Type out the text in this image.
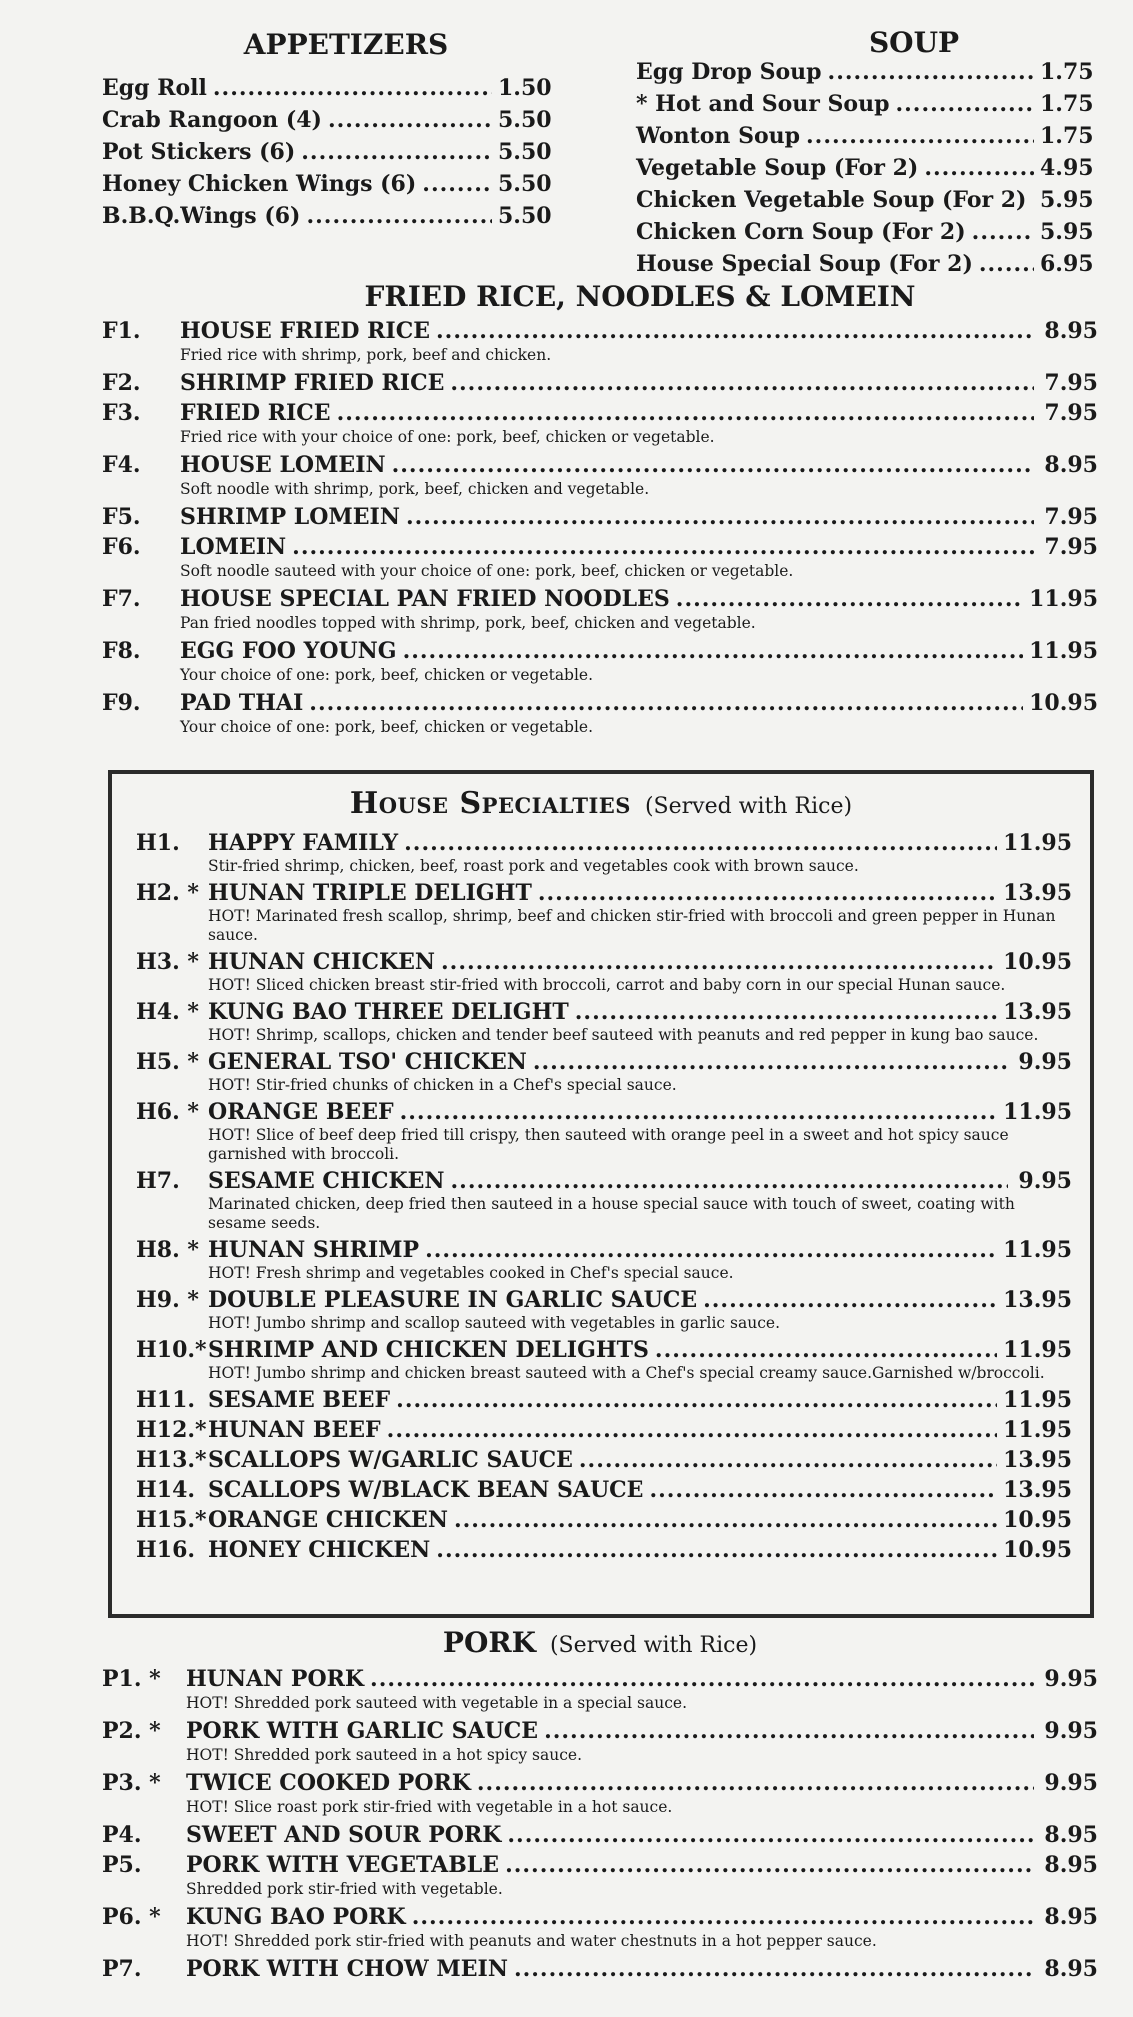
APPETIZERS
Egg Roll .....	1.50
Crab Rangoon (4) .....	5.50
Pot Stickers (6) .....	5.50
Honey Chicken Wings (6) .....	5.50
B.B.Q.Wings (6) .....	5.50
SOUP
Egg Drop Soup .....	1.75
* Hot and Sour Soup .....	1.75
Wonton Soup .....	1.75
Vegetable Soup (For 2) .....	4.95
Chicken Vegetable Soup (For 2) ..... 5.95
Chicken Corn Soup (For 2) .....	5.95
House Special Soup (For 2) .....	6.95
FRIED RICE, NOODLES & LOMEIN
F1. HOUSE FRIED RICE .....	8.95
Fried rice with shrimp, pork, beef and chicken.
F2. SHRIMP FRIED RICE .....	7.95
F3. FRIED RICE .....	7.95
Fried rice with your choice of one: pork, beef, chicken or vegetable.
F4. HOUSE LOMEIN .....	8.95
Soft noodle with shrimp, pork, beef, chicken and vegetable.
F5. SHRIMP LOMEIN .....	7.95
F6. LOMEIN .....	7.95
Soft noodle sauteed with your choice of one: pork, beef, chicken or vegetable.
F7. HOUSE SPECIAL PAN FRIED NOODLES .....	11.95
Pan fried noodles topped with shrimp, pork, beef, chicken and vegetable.
F8. EGG FOO YOUNG .....	11.95
Your choice of one: pork, beef, chicken or vegetable.
F9. PAD THAI .....	10.95
Your choice of one: pork, beef, chicken or vegetable.
House Specialties (Served with Rice)
H1. HAPPY FAMILY .....	11.95
Stir-fried shrimp, chicken, beef, roast pork and vegetables cook with brown sauce.
H2. * HUNAN TRIPLE DELIGHT .....	13.95
HOT! Marinated fresh scallop, shrimp, beef and chicken stir-fried with broccoli and green pepper in Hunan sauce.
H3. * HUNAN CHICKEN .....	10.95
HOT! Sliced chicken breast stir-fried with broccoli, carrot and baby corn in our special Hunan sauce.
H4. * KUNG BAO THREE DELIGHT .....	13.95
HOT! Shrimp, scallops, chicken and tender beef sauteed with peanuts and red pepper in kung bao sauce.
H5. * GENERAL TSO' CHICKEN .....	9.95
HOT! Stir-fried chunks of chicken in a Chef's special sauce.
H6. * ORANGE BEEF .....	11.95
HOT! Slice of beef deep fried till crispy, then sauteed with orange peel in a sweet and hot spicy sauce garnished with broccoli.
H7. SESAME CHICKEN .....	9.95
Marinated chicken, deep fried then sauteed in a house special sauce with touch of sweet, coating with sesame seeds.
H8. * HUNAN SHRIMP .....	11.95
HOT! Fresh shrimp and vegetables cooked in Chef's special sauce.
H9. * DOUBLE PLEASURE IN GARLIC SAUCE .....	13.95
HOT! Jumbo shrimp and scallop sauteed with vegetables in garlic sauce.
H10.* SHRIMP AND CHICKEN DELIGHTS .....	11.95
HOT! Jumbo shrimp and chicken breast sauteed with a Chef's special creamy sauce.Garnished w/broccoli.
H11. SESAME BEEF .....	11.95
H12.* HUNAN BEEF .....	11.95
H13.* SCALLOPS W/GARLIC SAUCE .....	13.95
H14. SCALLOPS W/BLACK BEAN SAUCE .....	13.95
H15.* ORANGE CHICKEN .....	10.95
H16. HONEY CHICKEN .....	10.95
PORK (Served with Rice)
P1. * HUNAN PORK .....	9.95
HOT! Shredded pork sauteed with vegetable in a special sauce.
P2. * PORK WITH GARLIC SAUCE .....	9.95
HOT! Shredded pork sauteed in a hot spicy sauce.
P3. * TWICE COOKED PORK .....	9.95
HOT! Slice roast pork stir-fried with vegetable in a hot sauce.
P4. SWEET AND SOUR PORK .....	8.95
P5. PORK WITH VEGETABLE .....	8.95
Shredded pork stir-fried with vegetable.
P6. * KUNG BAO PORK .....	8.95
HOT! Shredded pork stir-fried with peanuts and water chestnuts in a hot pepper sauce.
P7. PORK WITH CHOW MEIN .....	8.95
